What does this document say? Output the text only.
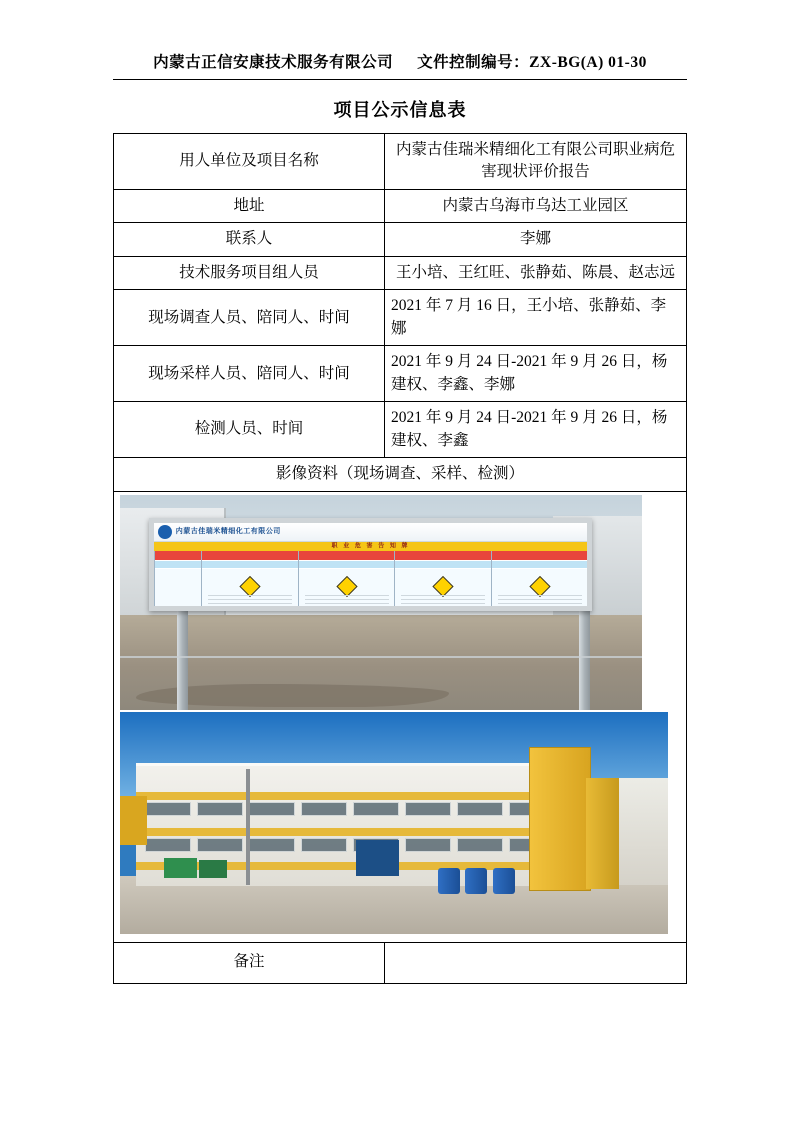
内蒙古正信安康技术服务有限公司 文件控制编号：ZX-BG(A) 01-30
项目公示信息表
用人单位及项目名称	内蒙古佳瑞米精细化工有限公司职业病危害现状评价报告
地址	内蒙古乌海市乌达工业园区
联系人	李娜
技术服务项目组人员	王小培、王红旺、张静茹、陈晨、赵志远
现场调查人员、陪同人、时间	2021 年 7 月 16 日，王小培、张静茹、李娜
现场采样人员、陪同人、时间	2021 年 9 月 24 日-2021 年 9 月 26 日，杨建权、李鑫、李娜
检测人员、时间	2021 年 9 月 24 日-2021 年 9 月 26 日，杨建权、李鑫
影像资料（现场调查、采样、检测）	

内蒙古佳瑞米精细化工有限公司
职 业 危 害 告 知 牌	

备注	
